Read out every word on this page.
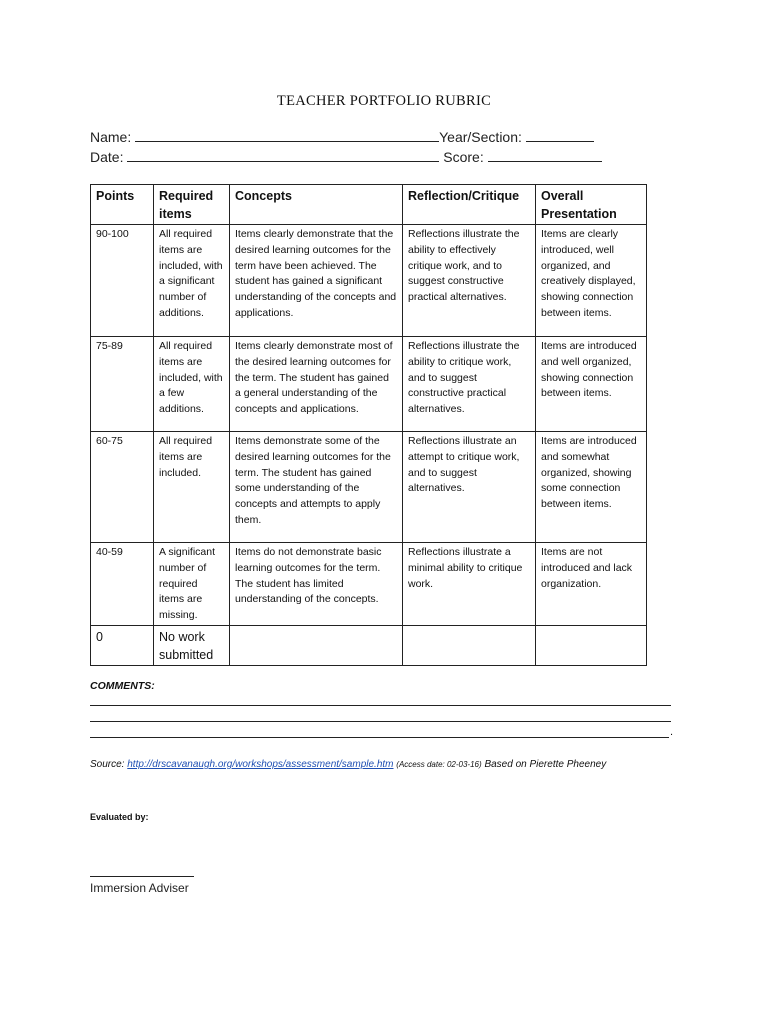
TEACHER PORTFOLIO RUBRIC
Name:	Year/Section:
Date:	Score:
Points	Required items	Concepts	Reflection/Critique	Overall Presentation
90-100	All required items are included, with a significant number of additions.	Items clearly demonstrate that the desired learning outcomes for the term have been achieved. The student has gained a significant understanding of the concepts and applications.	Reflections illustrate the ability to effectively critique work, and to suggest constructive practical alternatives.	Items are clearly introduced, well organized, and creatively displayed, showing connection between items.
75-89	All required items are included, with a few additions.	Items clearly demonstrate most of the desired learning outcomes for the term. The student has gained a general understanding of the concepts and applications.	Reflections illustrate the ability to critique work, and to suggest constructive practical alternatives.	Items are introduced and well organized, showing connection between items.
60-75	All required items are included.	Items demonstrate some of the desired learning outcomes for the term. The student has gained some understanding of the concepts and attempts to apply them.	Reflections illustrate an attempt to critique work, and to suggest alternatives.	Items are introduced and somewhat organized, showing some connection between items.
40-59	A significant number of required items are missing.	Items do not demonstrate basic learning outcomes for the term. The student has limited understanding of the concepts.	Reflections illustrate a minimal ability to critique work.	Items are not introduced and lack organization.
0	No work submitted			
COMMENTS:
.
Source: http://drscavanaugh.org/workshops/assessment/sample.htm (Access date: 02-03-16) Based on Pierette Pheeney
Evaluated by:
Immersion Adviser
